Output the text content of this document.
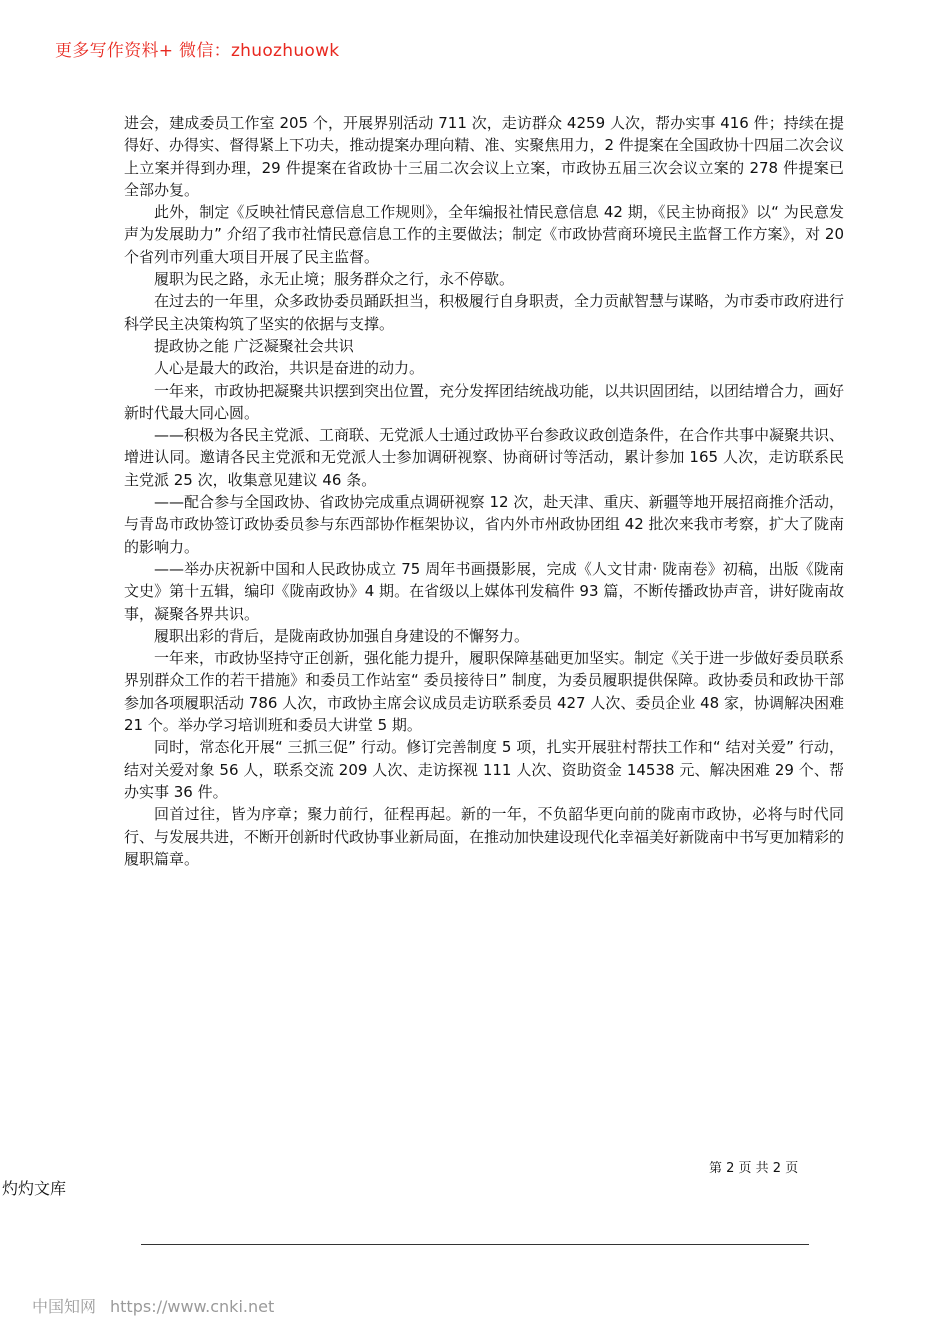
更多写作资料+ 微信：zhuozhuowk

进会，建成委员工作室 205 个，开展界别活动 711 次，走访群众 4259 人次，帮办实事 416 件；持续在提得好、办得实、督得紧上下功夫，推动提案办理向精、准、实聚焦用力，2 件提案在全国政协十四届二次会议上立案并得到办理，29 件提案在省政协十三届二次会议上立案，市政协五届三次会议立案的 278 件提案已全部办复。

此外，制定《反映社情民意信息工作规则》，全年编报社情民意信息 42 期，《民主协商报》以“ 为民意发声为发展助力” 介绍了我市社情民意信息工作的主要做法；制定《市政协营商环境民主监督工作方案》，对 20 个省列市列重大项目开展了民主监督。

履职为民之路，永无止境；服务群众之行，永不停歇。

在过去的一年里，众多政协委员踊跃担当，积极履行自身职责，全力贡献智慧与谋略，为市委市政府进行科学民主决策构筑了坚实的依据与支撑。

提政协之能 广泛凝聚社会共识

人心是最大的政治，共识是奋进的动力。

一年来，市政协把凝聚共识摆到突出位置，充分发挥团结统战功能，以共识固团结，以团结增合力，画好新时代最大同心圆。

——积极为各民主党派、工商联、无党派人士通过政协平台参政议政创造条件，在合作共事中凝聚共识、增进认同。邀请各民主党派和无党派人士参加调研视察、协商研讨等活动，累计参加 165 人次，走访联系民主党派 25 次，收集意见建议 46 条。

——配合参与全国政协、省政协完成重点调研视察 12 次，赴天津、重庆、新疆等地开展招商推介活动，与青岛市政协签订政协委员参与东西部协作框架协议，省内外市州政协团组 42 批次来我市考察，扩大了陇南的影响力。

——举办庆祝新中国和人民政协成立 75 周年书画摄影展，完成《人文甘肃· 陇南卷》初稿，出版《陇南文史》第十五辑，编印《陇南政协》4 期。在省级以上媒体刊发稿件 93 篇，不断传播政协声音，讲好陇南故事，凝聚各界共识。

履职出彩的背后，是陇南政协加强自身建设的不懈努力。

一年来，市政协坚持守正创新，强化能力提升，履职保障基础更加坚实。制定《关于进一步做好委员联系界别群众工作的若干措施》和委员工作站室“ 委员接待日” 制度，为委员履职提供保障。政协委员和政协干部参加各项履职活动 786 人次，市政协主席会议成员走访联系委员 427 人次、委员企业 48 家，协调解决困难 21 个。举办学习培训班和委员大讲堂 5 期。

同时，常态化开展“ 三抓三促” 行动。修订完善制度 5 项，扎实开展驻村帮扶工作和“ 结对关爱” 行动，结对关爱对象 56 人，联系交流 209 人次、走访探视 111 人次、资助资金 14538 元、解决困难 29 个、帮办实事 36 件。

回首过往，皆为序章；聚力前行，征程再起。新的一年，不负韶华更向前的陇南市政协，必将与时代同行、与发展共进，不断开创新时代政协事业新局面，在推动加快建设现代化幸福美好新陇南中书写更加精彩的履职篇章。

第 2 页 共 2 页
灼灼文库
中国知网 https://www.cnki.net
